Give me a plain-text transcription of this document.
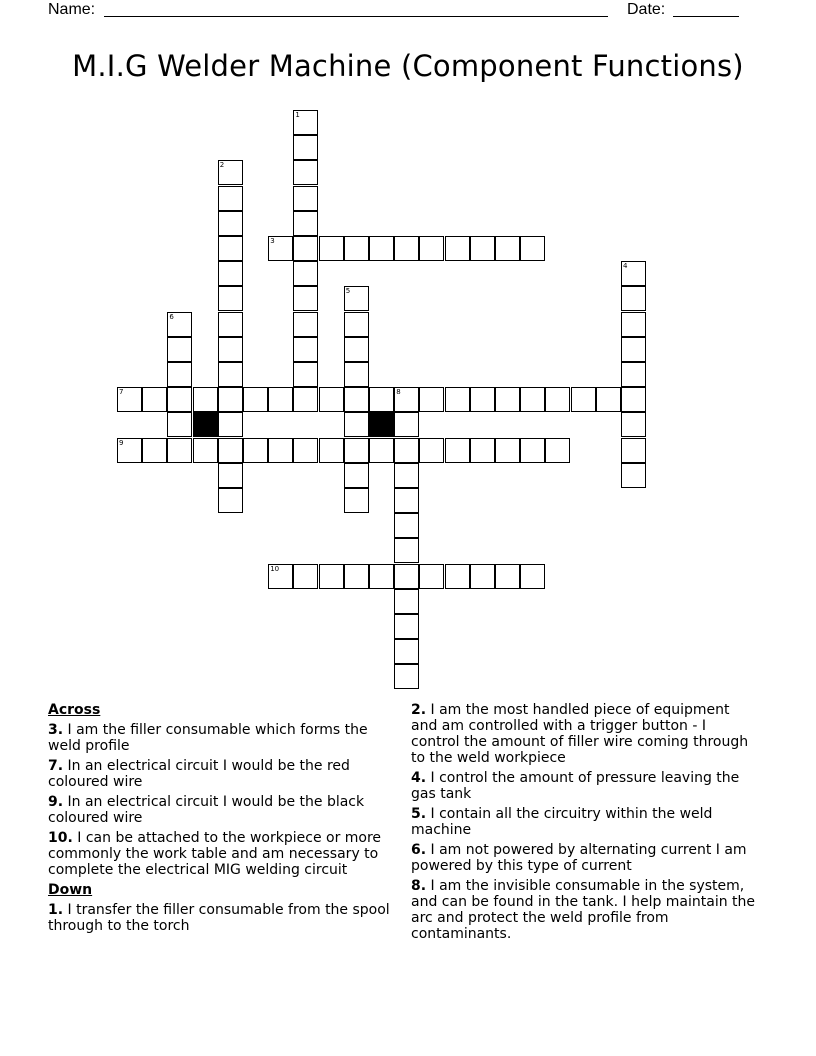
Name:	Date:
M.I.G Welder Machine (Component Functions)
1
2
3
4
5
6
7	8
9
10
Across
3. I am the filler consumable which forms the weld profile
7. In an electrical circuit I would be the red coloured wire
9. In an electrical circuit I would be the black coloured wire
10. I can be attached to the workpiece or more commonly the work table and am necessary to complete the electrical MIG welding circuit
Down
1. I transfer the filler consumable from the spool through to the torch
2. I am the most handled piece of equipment and am controlled with a trigger button - I control the amount of filler wire coming through to the weld workpiece
4. I control the amount of pressure leaving the gas tank
5. I contain all the circuitry within the weld machine
6. I am not powered by alternating current I am powered by this type of current
8. I am the invisible consumable in the system, and can be found in the tank. I help maintain the arc and protect the weld profile from contaminants.
